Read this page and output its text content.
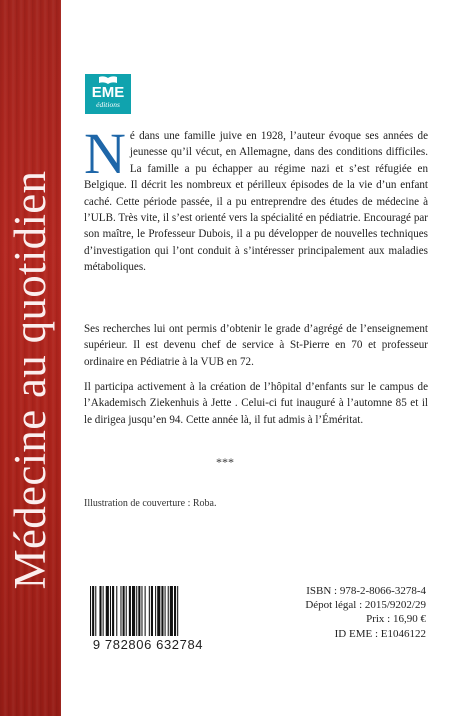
Médecine au quotidien
EME
éditions
Né dans une famille juive en 1928, l’auteur évoque ses années de jeunesse qu’il vécut, en Allemagne, dans des conditions difficiles. La famille a pu échapper au régime nazi et s’est réfugiée en Belgique. Il décrit les nombreux et périlleux épisodes de la vie d’un enfant caché. Cette période passée, il a pu entreprendre des études de médecine à l’ULB. Très vite, il s’est orienté vers la spécialité en pédiatrie. Encouragé par son maître, le Professeur Dubois, il a pu développer de nouvelles techniques d’investigation qui l’ont conduit à s’intéresser principalement aux maladies métaboliques.
Ses recherches lui ont permis d’obtenir le grade d’agrégé de l’enseignement supérieur. Il est devenu chef de service à St-Pierre en 70 et professeur ordinaire en Pédiatrie à la VUB en 72.
Il participa activement à la création de l’hôpital d’enfants sur le campus de l’Akademisch Ziekenhuis à Jette . Celui-ci fut inauguré à l’automne 85 et il le dirigea jusqu’en 94. Cette année là, il fut admis à l’Éméritat.
***
Illustration de couverture : Roba.
9 782806 632784
ISBN : 978-2-8066-3278-4
Dépot légal : 2015/9202/29
Prix : 16,90 €
ID EME : E1046122
